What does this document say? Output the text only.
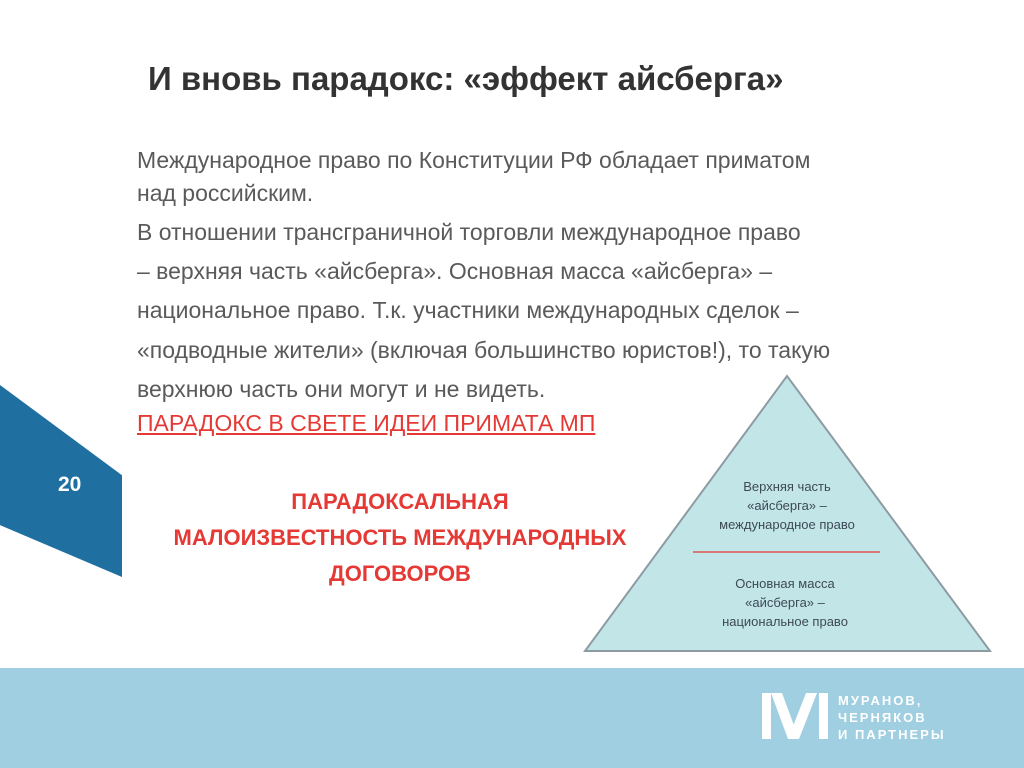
И вновь парадокс: «эффект айсберга»
Международное право по Конституции РФ обладает приматом
над российским.
В отношении трансграничной торговли международное право
– верхняя часть «айсберга». Основная масса «айсберга» –
национальное право. Т.к. участники международных сделок –
«подводные жители» (включая большинство юристов!), то такую
верхнюю часть они могут и не видеть.
ПАРАДОКС В СВЕТЕ ИДЕИ ПРИМАТА МП
20
ПАРАДОКСАЛЬНАЯ
МАЛОИЗВЕСТНОСТЬ МЕЖДУНАРОДНЫХ
ДОГОВОРОВ
Верхняя часть
«айсберга» –
международное право
Основная масса
«айсберга» –
национальное право
МУРАНОВ,
ЧЕРНЯКОВ
И ПАРТНЕРЫ
